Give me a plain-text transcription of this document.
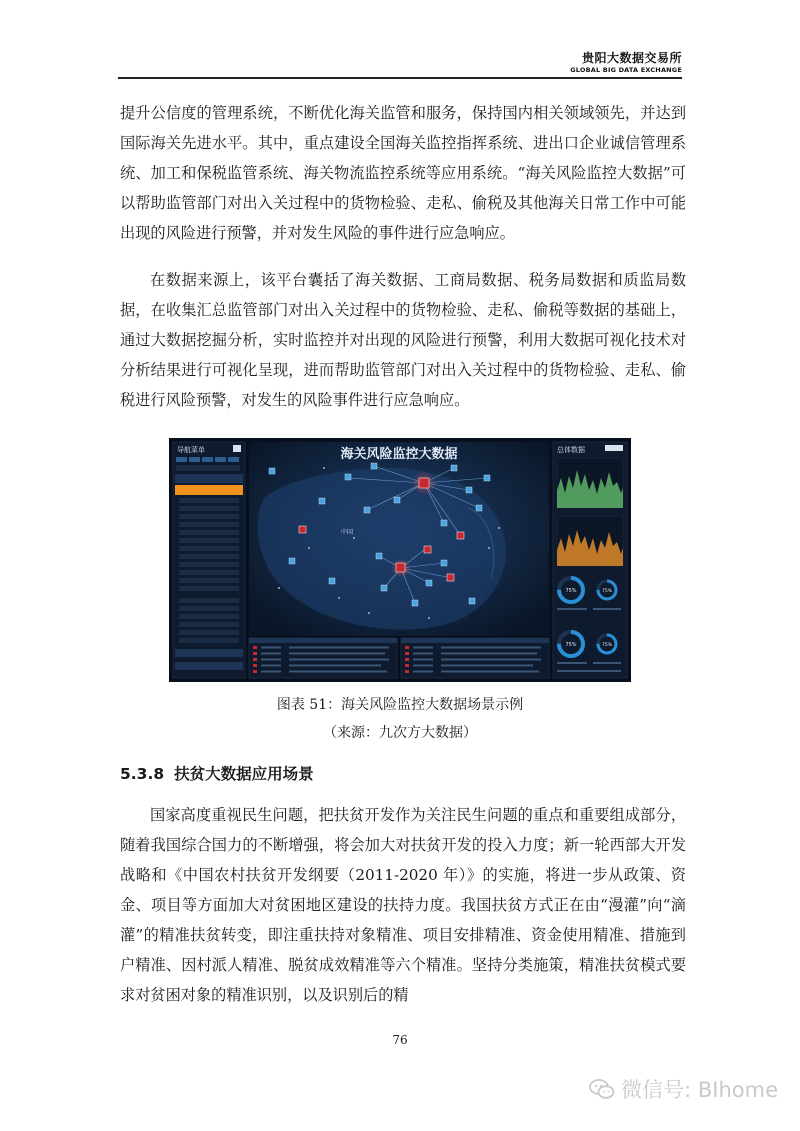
贵阳大数据交易所
GLOBAL BIG DATA EXCHANGE

提升公信度的管理系统，不断优化海关监管和服务，保持国内相关领域领先，并达到国际海关先进水平。其中，重点建设全国海关监控指挥系统、进出口企业诚信管理系统、加工和保税监管系统、海关物流监控系统等应用系统。“海关风险监控大数据”可以帮助监管部门对出入关过程中的货物检验、走私、偷税及其他海关日常工作中可能出现的风险进行预警，并对发生风险的事件进行应急响应。

在数据来源上，该平台囊括了海关数据、工商局数据、税务局数据和质监局数据，在收集汇总监管部门对出入关过程中的货物检验、走私、偷税等数据的基础上，通过大数据挖掘分析，实时监控并对出现的风险进行预警，利用大数据可视化技术对分析结果进行可视化呈现，进而帮助监管部门对出入关过程中的货物检验、走私、偷税进行风险预警，对发生的风险事件进行应急响应。

导航菜单	海关风险监控大数据
中国
总体数据
75%	75%
75%	75%

图表 51：海关风险监控大数据场景示例

（来源：九次方大数据）

5.3.8 扶贫大数据应用场景

国家高度重视民生问题，把扶贫开发作为关注民生问题的重点和重要组成部分，随着我国综合国力的不断增强，将会加大对扶贫开发的投入力度；新一轮西部大开发战略和《中国农村扶贫开发纲要（2011-2020 年）》的实施，将进一步从政策、资金、项目等方面加大对贫困地区建设的扶持力度。我国扶贫方式正在由“漫灌”向“滴灌”的精准扶贫转变，即注重扶持对象精准、项目安排精准、资金使用精准、措施到户精准、因村派人精准、脱贫成效精准等六个精准。坚持分类施策，精准扶贫模式要求对贫困对象的精准识别，以及识别后的精

76
微信号: BIhome
